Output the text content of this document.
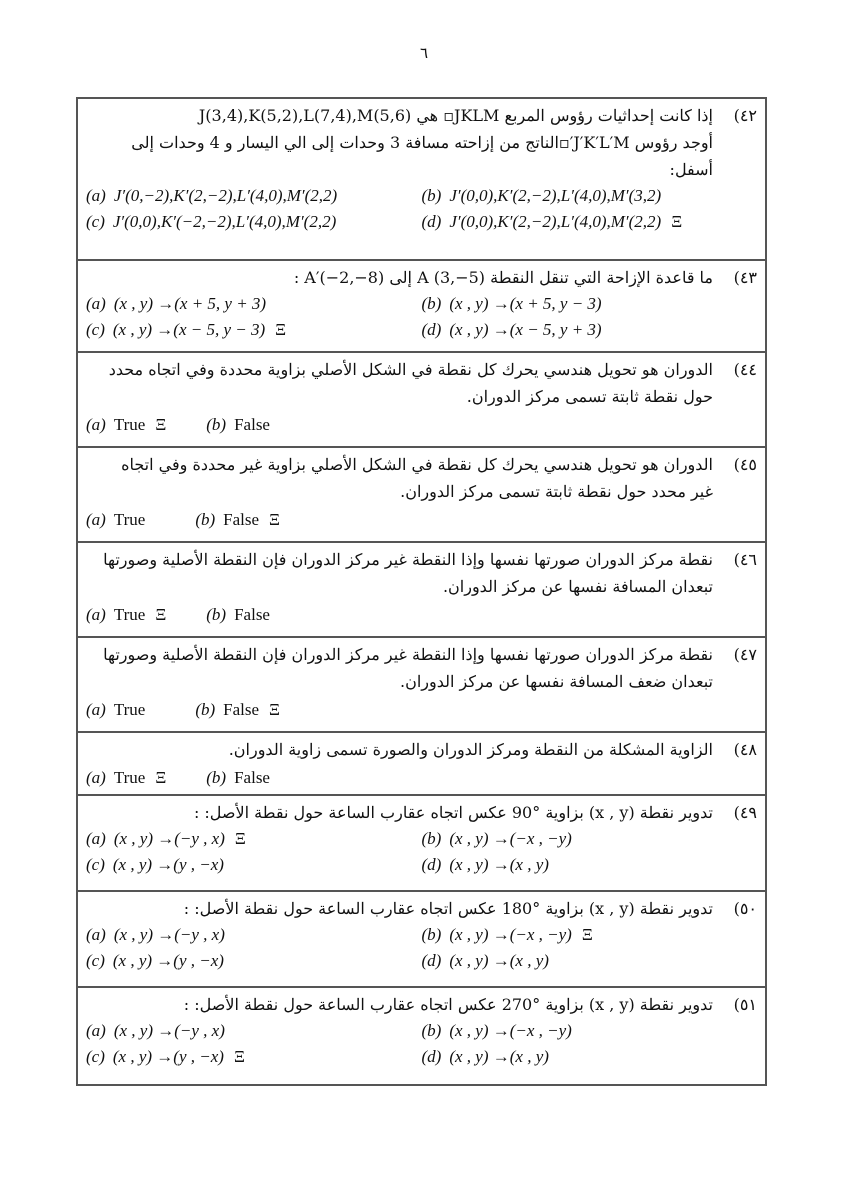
٦
٤٢)
إذا كانت إحداثيات رؤوس المربع JKLM▫ هي J(3,4),K(5,2),L(7,4),M(5,6)
أوجد رؤوس J′K′L′M′▫الناتج من إزاحته مسافة 3 وحدات إلى الي اليسار و 4 وحدات إلى أسفل:
(a) J′(0,−2),K′(2,−2),L′(4,0),M′(2,2)	(b) J′(0,0),K′(2,−2),L′(4,0),M′(3,2)
(c) J′(0,0),K′(−2,−2),L′(4,0),M′(2,2)	(d) J′(0,0),K′(2,−2),L′(4,0),M′(2,2) Ξ
٤٣)
ما قاعدة الإزاحة التي تنقل النقطة A (3,−5) إلى A′(−2,−8) :
(a) (x , y) →(x + 5, y + 3)	(b) (x , y) →(x + 5, y − 3)
(c) (x , y) →(x − 5, y − 3) Ξ	(d) (x , y) →(x − 5, y + 3)
٤٤)
الدوران هو تحويل هندسي يحرك كل نقطة في الشكل الأصلي بزاوية محددة وفي اتجاه محدد
حول نقطة ثابتة تسمى مركز الدوران.
(a) True Ξ (b) False
٤٥)
الدوران هو تحويل هندسي يحرك كل نقطة في الشكل الأصلي بزاوية غير محددة وفي اتجاه
غير محدد حول نقطة ثابتة تسمى مركز الدوران.
(a) True	(b) False Ξ
٤٦)
نقطة مركز الدوران صورتها نفسها وإذا النقطة غير مركز الدوران فإن النقطة الأصلية وصورتها
تبعدان المسافة نفسها عن مركز الدوران.
(a) True Ξ (b) False
٤٧)
نقطة مركز الدوران صورتها نفسها وإذا النقطة غير مركز الدوران فإن النقطة الأصلية وصورتها
تبعدان ضعف المسافة نفسها عن مركز الدوران.
(a) True	(b) False Ξ
٤٨)
الزاوية المشكلة من النقطة ومركز الدوران والصورة تسمى زاوية الدوران.
(a) True Ξ (b) False
٤٩)
تدوير نقطة (x , y) بزاوية °90 عكس اتجاه عقارب الساعة حول نقطة الأصل: :
(a) (x , y) →(−y , x) Ξ	(b) (x , y) →(−x , −y)
(c) (x , y) →(y , −x)	(d) (x , y) →(x , y)
٥٠)
تدوير نقطة (x , y) بزاوية °180 عكس اتجاه عقارب الساعة حول نقطة الأصل: :
(a) (x , y) →(−y , x)	(b) (x , y) →(−x , −y) Ξ
(c) (x , y) →(y , −x)	(d) (x , y) →(x , y)
٥١)
تدوير نقطة (x , y) بزاوية °270 عكس اتجاه عقارب الساعة حول نقطة الأصل: :
(a) (x , y) →(−y , x)	(b) (x , y) →(−x , −y)
(c) (x , y) →(y , −x) Ξ	(d) (x , y) →(x , y)
